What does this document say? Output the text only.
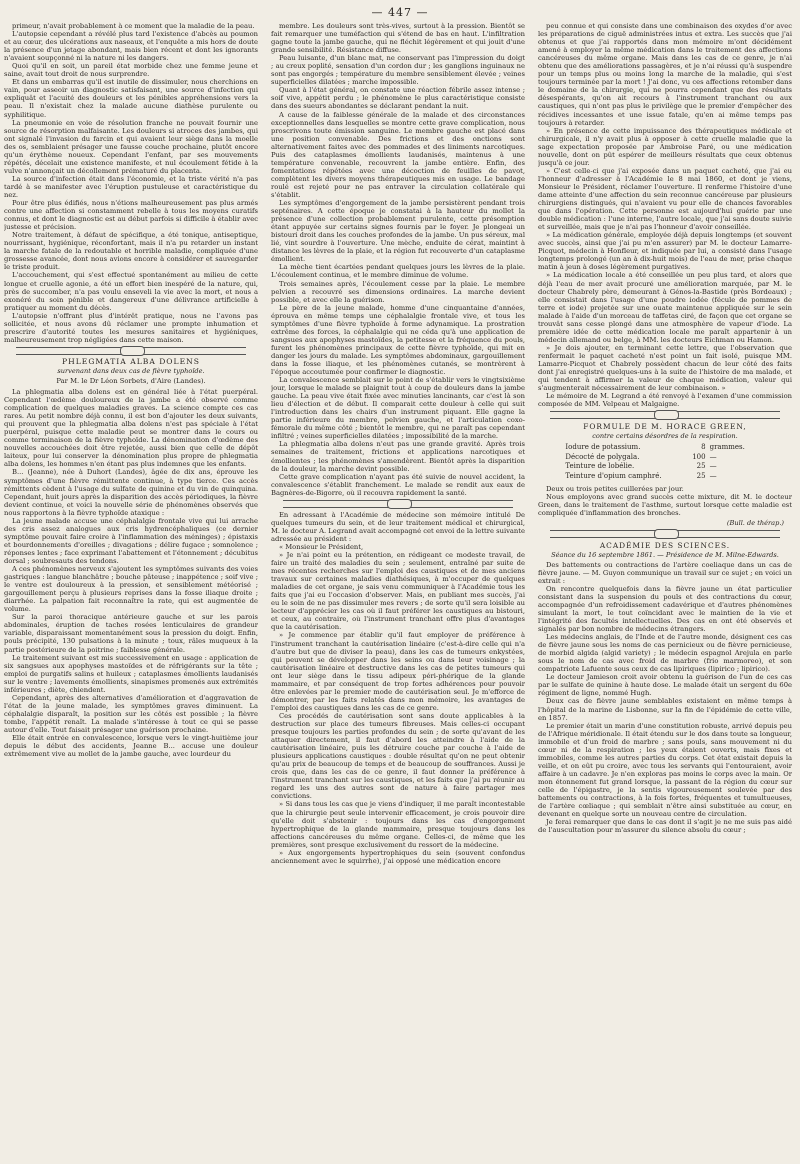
— 447 —

primeur, n'avait probablement à ce moment que la maladie de la peau.

L'autopsie cependant a révélé plus tard l'existence d'abcès au poumon et au cœur, des ulcérations aux naseaux, et l'enquête a mis hors de doute la présence d'un jetage abondant, mais bien récent et dont les ignorants n'avaient soupçonné ni la nature ni les dangers.

Quoi qu'il en soit, un pareil état morbide chez une femme jeune et saine, avait tout droit de nous surprendre.

Et dans un embarras qu'il est inutile de dissimuler, nous cherchions en vain, pour asseoir un diagnostic satisfaisant, une source d'infection qui expliquât et l'acuité des douleurs et les pénibles appréhensions vers la peau. Il n'existait chez la malade aucune diathèse purulente ou syphilitique.

La pneumonie en voie de résolution franche ne pouvait fournir une source de résorption malfaisante. Les douleurs si atroces des jambes, qui ont signalé l'invasion du farcin et qui avaient leur siège dans la moelle des os, semblaient présager une fausse couche prochaine, plutôt encore qu'un érythème noueux. Cependant l'enfant, par ses mouvements répétés, décelait une existence manifeste, et nul écoulement fétide à la vulve n'annonçait un décollement prématuré du placenta.

La source d'infection était dans l'économie, et la triste vérité n'a pas tardé à se manifester avec l'éruption pustuleuse et caractéristique du nez.

Pour être plus édifiés, nous n'étions malheureusement pas plus armés contre une affection si constamment rebelle à tous les moyens curatifs connus, et dont le diagnostic est au début parfois si difficile à établir avec justesse et précision.

Notre traitement, à défaut de spécifique, a été tonique, antiseptique, nourrissant, hygiénique, réconfortant, mais il n'a pu retarder un instant la marche fatale de la redoutable et horrible maladie, compliquée d'une grossesse avancée, dont nous avions encore à considérer et sauvegarder le triste produit.

L'accouchement, qui s'est effectué spontanément au milieu de cette longue et cruelle agonie, a été un effort bien inespéré de la nature, qui, près de succomber, n'a pas voulu enseveli la vie avec la mort, et nous a exonéré du soin pénible et dangereux d'une délivrance artificielle à pratiquer au moment du décès.

L'autopsie n'offrant plus d'intérêt pratique, nous ne l'avons pas sollicitée, et nous avons dû réclamer une prompte inhumation et prescrire d'autorité toutes les mesures sanitaires et hygiéniques, malheureusement trop négligées dans cette maison.

PHLEGMATIA ALBA DOLENS
survenant dans deux cas de fièvre typhoïde.
Par M. le Dr Léon Sorbets, d'Aire (Landes).

La phlegmatia alba dolens est en général liée à l'état puerpéral. Cependant l'œdème douloureux de la jambe a été observé comme complication de quelques maladies graves. La science compte ces cas rares. Au petit nombre déjà connu, il est bon d'ajouter les deux suivants, qui prouvent que la phlegmatia alba dolens n'est pas spéciale à l'état puerpéral, puisque cette maladie peut se montrer dans le cours ou comme terminaison de la fièvre typhoïde. La dénomination d'œdème des nouvelles accouchées doit être rejetée, aussi bien que celle de dépôt laiteux, pour lui conserver la dénomination plus propre de phlegmatia alba dolens, les hommes n'en étant pas plus indemnes que les enfants.

B... (Jeanne), née à Duhort (Landes), âgée de dix ans, éprouve les symptômes d'une fièvre rémittente continue, à type tierce. Ces accès rémittents cèdent à l'usage du sulfate de quinine et du vin de quinquina. Cependant, huit jours après la disparition des accès périodiques, la fièvre devient continue, et voici la nouvelle série de phénomènes observés que nous rapportons à la fièvre typhoïde ataxique :

La jeune malade accuse une céphalalgie frontale vive qui lui arrache des cris assez analogues aux cris hydrencéphaliques (ce dernier symptôme pouvait faire croire à l'inflammation des méninges) ; épistaxis et bourdonnements d'oreilles ; divagations ; délire fugace ; somnolence ; réponses lentes ; face exprimant l'abattement et l'étonnement ; décubitus dorsal ; soubresauts des tendons.

A ces phénomènes nerveux s'ajoutent les symptômes suivants des voies gastriques : langue blanchâtre ; bouche pâteuse ; inappétence ; soif vive ; le ventre est douloureux à la pression, et sensiblement météorisé ; gargouillement perçu à plusieurs reprises dans la fosse iliaque droite ; diarrhée. La palpation fait reconnaître la rate, qui est augmentée de volume.

Sur la paroi thoracique antérieure gauche et sur les parois abdominales, éruption de taches rosées lenticulaires de grandeur variable, disparaissant momentanément sous la pression du doigt. Enfin, pouls précipité, 130 pulsations à la minute ; toux, râles muqueux à la partie postérieure de la poitrine ; faiblesse générale.

Le traitement suivant est mis successivement en usage : application de six sangsues aux apophyses mastoïdes et de réfrigérants sur la tête ; emploi de purgatifs salins et huileux ; cataplasmes émollients laudanisés sur le ventre ; lavements émollients, sinapismes promenés aux extrémités inférieures ; diète, chiendent.

Cependant, après des alternatives d'amélioration et d'aggravation de l'état de la jeune malade, les symptômes graves diminuent. La céphalalgie disparaît, la position sur les côtés est possible ; la fièvre tombe, l'appétit renaît. La malade s'intéresse à tout ce qui se passe autour d'elle. Tout faisait présager une guérison prochaine.

Elle était entrée en convalescence, lorsque vers le vingt-huitième jour depuis le début des accidents, Jeanne B... accuse une douleur extrêmement vive au mollet de la jambe gauche, avec lourdeur du

membre. Les douleurs sont très-vives, surtout à la pression. Bientôt se fait remarquer une tuméfaction qui s'étend de bas en haut. L'infiltration gagne toute la jambe gauche, qui ne fléchit légèrement et qui jouit d'une grande sensibilité. Résistance diffuse.

Peau luisante, d'un blanc mat, ne conservant pas l'impression du doigt ; au creux poplité, sensation d'un cordon dur ; les ganglions inguinaux ne sont pas engorgés ; température du membre sensiblement élevée ; veines superficielles dilatées ; marche impossible.

Quant à l'état général, on constate une réaction fébrile assez intense ; soif vive, appétit perdu ; le phénomène le plus caractéristique consiste dans des sueurs abondantes se déclarant pendant la nuit.

A cause de la faiblesse générale de la malade et des circonstances exceptionnelles dans lesquelles se montre cette grave complication, nous proscrivons toute émission sanguine. Le membre gauche est placé dans une position convenable. Des frictions et des onctions sont alternativement faites avec des pommades et des liniments narcotiques. Puis des cataplasmes émollients laudanisés, maintenus à une température convenable, recouvrent la jambe entière. Enfin, des fomentations répétées avec une décoction de feuilles de pavot, complètent les divers moyens thérapeutiques mis en usage. Le bandage roulé est rejeté pour ne pas entraver la circulation collatérale qui s'établit.

Les symptômes d'engorgement de la jambe persistèrent pendant trois septénaires. A cette époque je constatai à la hauteur du mollet la présence d'une collection probablement purulente, cette présomption étant appuyée sur certains signes fournis par le foyer. Je plongeai un bistouri droit dans les couches profondes de la jambe. Un pus séreux, mal lié, vint sourdre à l'ouverture. Une mèche, enduite de cérat, maintint à distance les lèvres de la plaie, et la région fut recouverte d'un cataplasme émollient.

La mèche tient écartées pendant quelques jours les lèvres de la plaie. L'écoulement continua, et le membre diminue de volume.

Trois semaines après, l'écoulement cesse par la plaie. Le membre pelvien a recouvré ses dimensions ordinaires. La marche devient possible, et avec elle la guérison.

Le père de la jeune malade, homme d'une cinquantaine d'années, éprouva en même temps une céphalalgie frontale vive, et tous les symptômes d'une fièvre typhoïde à forme adynamique. La prostration extrême des forces, la céphalalgie qui ne céda qu'à une application de sangsues aux apophyses mastoïdes, la petitesse et la fréquence du pouls, furent les phénomènes principaux de cette fièvre typhoïde, qui mit en danger les jours du malade. Les symptômes abdominaux, gargouillement dans la fosse iliaque, et les phénomènes cutanés, se montrèrent à l'époque accoutumée pour confirmer le diagnostic.

La convalescence semblait sur le point de s'établir vers le vingtsixième jour, lorsque le malade se plaignit tout à coup de douleurs dans la jambe gauche. La peau vive était fixée avec minuties lancinants, car c'est là son lieu d'élection et de début. Il comparait cette douleur à celle qui suit l'introduction dans les chairs d'un instrument piquant. Elle gagne la partie inférieure du membre, pelvien gauche, et l'articulation coxo-fémorale du même côté ; bientôt le membre, qui ne paraît pas cependant infiltré ; veines superficielles dilatées ; impossibilité de la marche.

La phlegmatia alba dolens n'eut pas une grande gravité. Après trois semaines de traitement, frictions et applications narcotiques et émollientes ; les phénomènes s'amendèrent. Bientôt après la disparition de la douleur, la marche devint possible.

Cette grave complication n'ayant pas été suivie de nouvel accident, la convalescence s'établit franchement. Le malade se rendit aux eaux de Bagnères-de-Bigorre, où il recouvra rapidement la santé.

En adressant à l'Académie de médecine son mémoire intitulé De quelques tumeurs du sein, et de leur traitement médical et chirurgical, M. le docteur A. Legrand avait accompagné cet envoi de la lettre suivante adressée au président :

« Monsieur le Président,

» Je n'ai point eu la prétention, en rédigeant ce modeste travail, de faire un traité des maladies du sein ; seulement, entraîné par suite de mes récentes recherches sur l'emploi des caustiques et de mes anciens travaux sur certaines maladies diathésiques, à m'occuper de quelques maladies de cet organe, je sais venu communiquer à l'Académie tous les faits que j'ai eu l'occasion d'observer. Mais, en publiant mes succès, j'ai eu le soin de ne pas dissimuler mes revers ; de sorte qu'il sera loisible au lecteur d'apprécier les cas où il faut préférer les caustiques au bistouri, et ceux, au contraire, où l'instrument tranchant offre plus d'avantages que la cautérisation.

» Je commence par établir qu'il faut employer de préférence à l'instrument tranchant la cautérisation linéaire (c'est-à-dire celle qui n'a d'autre but que de diviser la peau), dans les cas de tumeurs enkystées, qui peuvent se développer dans les seins ou dans leur voisinage ; la cautérisation linéaire et destructive dans les cas de petites tumeurs qui ont leur siège dans le tissu adipeux péri-phérique de la glande mammaire, et par conséquent de trop fortes adhérences pour pouvoir être enlevées par le premier mode de cautérisation seul. Je m'efforce de démontrer, par les faits relatés dans mon mémoire, les avantages de l'emploi des caustiques dans les cas de ce genre.

Ces procédés de cautérisation sont sans doute applicables à la destruction sur place des tumeurs fibreuses. Mais celles-ci occupant presque toujours les parties profondes du sein ; de sorte qu'avant de les attaquer directement, il faut d'abord les atteindre à l'aide de la cautérisation linéaire, puis les détruire couche par couche à l'aide de plusieurs applications caustiques : double résultat qu'on ne peut obtenir qu'au prix de beaucoup de temps et de beaucoup de souffrances. Aussi je crois que, dans les cas de ce genre, il faut donner la préférence à l'instrument tranchant sur les caustiques, et les faits que j'ai pu réunir au regard les uns des autres sont de nature à faire partager mes convictions.

» Si dans tous les cas que je viens d'indiquer, il me paraît incontestable que la chirurgie peut seule intervenir efficacement, je crois pouvoir dire qu'elle doit s'abstenir : toujours dans les cas d'engorgement hypertrophique de la glande mammaire, presque toujours dans les affections cancéreuses du même organe. Celles-ci, de même que les premières, sont presque exclusivement du ressort de la médecine.

» Aux engorgements hypertrophiques du sein (souvent confondus anciennement avec le squirrhe), j'ai opposé une médication encore

peu connue et qui consiste dans une combinaison des oxydes d'or avec les préparations de ciguë administrées intus et extra. Les succès que j'ai obtenus et que j'ai rapportés dans mon mémoire m'ont décidément amené à employer la même médication dans le traitement des affections cancéreuses du même organe. Mais dans les cas de ce genre, je n'ai obtenu que des améliorations passagères, et je n'ai réussi qu'à suspendre pour un temps plus ou moins long la marche de la maladie, qui s'est toujours terminée par la mort ! J'ai donc, vu ces affections retomber dans le domaine de la chirurgie, qui ne pourra cependant que des résultats désespérants, qu'on ait recours à l'instrument tranchant ou aux caustiques, qui n'ont pas plus le privilège que le premier d'empêcher des récidives incessantes et une issue fatale, qu'en ai même temps pas toujours à retarder.

» En présence de cette impuissance des thérapeutiques médicale et chirurgicale, il n'y avait plus à opposer à cette cruelle maladie que la sage expectation proposée par Ambroise Paré, ou une médication nouvelle, dont on pût espérer de meilleurs résultats que ceux obtenus jusqu'à ce jour.

» C'est celle-ci que j'ai exposée dans un paquet cacheté, que j'ai eu l'honneur d'adresser à l'Académie le 8 mai 1860, et dont je viens, Monsieur le Président, réclamer l'ouverture. Il renferme l'histoire d'une dame atteinte d'une affection du sein reconnue cancéreuse par plusieurs chirurgiens distingués, qui n'avaient vu pour elle de chances favorables que dans l'opération. Cette personne est aujourd'hui guérie par une double médication : l'une interne, l'autre locale, que j'ai sans doute suivie et surveillée, mais que je n'ai pas l'honneur d'avoir conseillée.

» La médication générale, employée déjà depuis longtemps (et souvent avec succès, ainsi que j'ai pu m'en assurer) par M. le docteur Lamarre-Picquot, médecin à Honfleur, et indiquée par lui, a consisté dans l'usage longtemps prolongé (un an à dix-huit mois) de l'eau de mer, prise chaque matin à jeun à doses légèrement purgatives.

» La médication locale a été conseillée un peu plus tard, et alors que déjà l'eau de mer avait procuré une amélioration marquée, par M. le docteur Chabrely père, demeurant à Génos-la-Bastide (près Bordeaux) ; elle consistait dans l'usage d'une poudre iodée (fécule de pommes de terre et iode) projetée sur une ouate maintenue appliquée sur le sein malade à l'aide d'un morceau de taffetas ciré, de façon que cet organe se trouvât sans cesse plongé dans une atmosphère de vapeur d'iode. La première idée de cette médication locale me paraît appartenir à un médecin allemand ou belge, à MM. les docteurs Eichman ou Hamon.

» Je dois ajouter, en terminant cette lettre, que l'observation que renfermait le paquet cacheté n'est point un fait isolé, puisque MM. Lamarre-Picquot et Chabrely possèdent chacun de leur côté des faits dont j'ai enregistré quelques-uns à la suite de l'histoire de ma malade, et qui tendent à affirmer la valeur de chaque médication, valeur qui s'augmenterait nécessairement de leur combinaison. »

Le mémoire de M. Legrand a été renvoyé à l'examen d'une commission composée de MM. Velpeau et Malgaigne.

FORMULE DE M. HORACE GREEN,
contre certains désordres de la respiration.
Iodure de potassium.	8	grammes.
Décocté de polygala.	100	—
Teinture de lobélie.	25	—
Teinture d'opium camphré.	25	—

Deux ou trois petites cuillerées par jour.

Nous employons avec grand succès cette mixture, dit M. le docteur Green, dans le traitement de l'asthme, surtout lorsque cette maladie est compliquée d'inflammation des bronches.

(Bull. de thérap.)
ACADÉMIE DES SCIENCES.
Séance du 16 septembre 1861. — Présidence de M. Milne-Edwards.

Des battements ou contractions de l'artère coeliaque dans un cas de fièvre jaune. — M. Guyon communique un travail sur ce sujet ; en voici un extrait :

On rencontre quelquefois dans la fièvre jaune un état particulier consistant dans la suspension du pouls et des contractions du cœur, accompagnée d'un refroidissement cadavérique et d'autres phénomènes simulant la mort, le tout coïncidant avec le maintien de la vie et l'intégrité des facultés intellectuelles. Des cas en ont été observés et signalés par bon nombre de médecins étrangers.

Les médecins anglais, de l'Inde et de l'autre monde, désignent ces cas de fièvre jaune sous les noms de cas pernicieux ou de fièvre pernicieuse, de morbid algida (algid variety) ; le médecin espagnol Arejula en parle sous le nom de cas avec froid de marbre (frio marmoreo), et son compatriote Lafuente sous ceux de cas lipiriques (lipirico ; lipirico).

Le docteur Jamieson croit avoir obtenu la guérison de l'un de ces cas par le sulfate de quinine à haute dose. Le malade était un sergent du 60e régiment de ligne, nommé Hugh.

Deux cas de fièvre jaune semblables existaient en même temps à l'hôpital de la marine de Lisbonne, sur la fin de l'épidémie de cette ville, en 1857.

Le premier était un marin d'une constitution robuste, arrivé depuis peu de l'Afrique méridionale. Il était étendu sur le dos dans toute sa longueur, immobile et d'un froid de marbre ; sans pouls, sans mouvement ni du cœur ni de la respiration ; les yeux étaient ouverts, mais fixes et immobiles, comme les autres parties du corps. Cet état existait depuis la veille, et on eût pu croire, avec tous les servants qui l'entouraient, avoir affaire à un cadavre. Je n'en exploras pas moins le corps avec la main. Or mon étonnement fut grand lorsque, la passant de la région du cœur sur celle de l'épigastre, je la sentis vigoureusement soulevée par des battements ou contractions, à la fois fortes, fréquentes et tumultueuses, de l'artère cœliaque ; qui semblait n'être ainsi substituée au cœur, en devenant en quelque sorte un nouveau centre de circulation.

Je ferai remarquer que dans le cas dont il s'agit je ne me suis pas aidé de l'auscultation pour m'assurer du silence absolu du cœur ;
